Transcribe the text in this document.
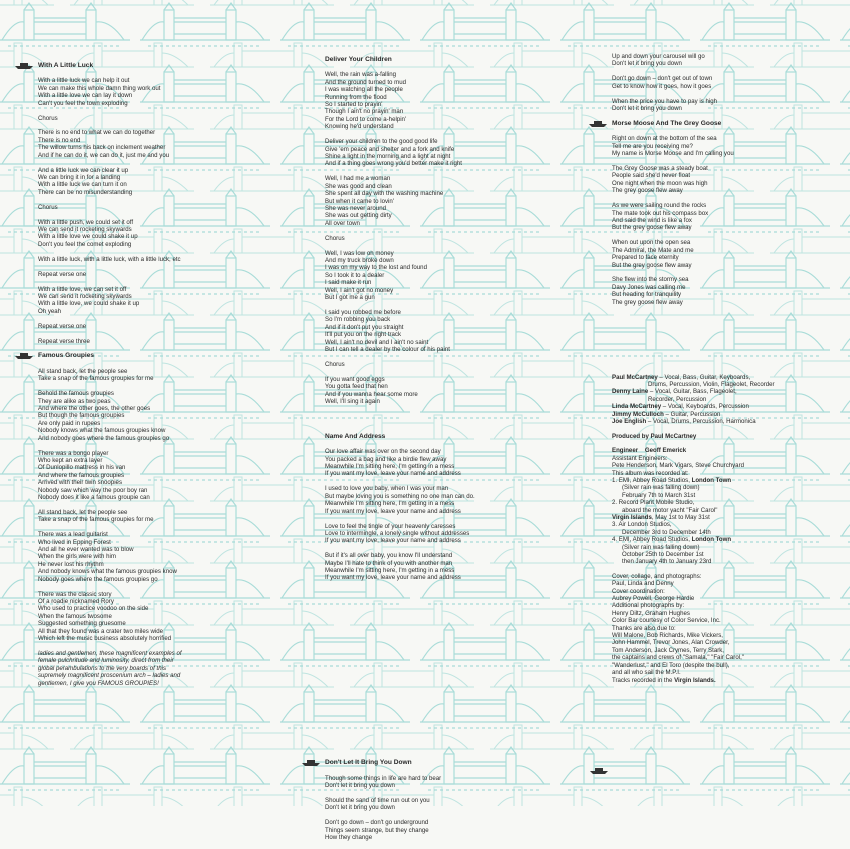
With A Little Luck
With a little luck we can help it out
We can make this whole damn thing work out
With a little love we can lay it down
Can't you feel the town exploding
Chorus
There is no end to what we can do together
There is no end
The willow turns his back on inclement weather
And if he can do it, we can do it, just me and you
And a little luck we can clear it up
We can bring it in for a landing
With a little luck we can turn it on
There can be no misunderstanding
Chorus
With a little push, we could set it off
We can send it rocketing skywards
With a little love we could shake it up
Don't you feel the comet exploding
With a little luck, with a little luck, with a little luck, etc
Repeat verse one
With a little love, we can set it off
We can send it rocketing skywards
With a little love, we could shake it up
Oh yeah
Repeat verse one
Repeat verse three
Famous Groupies
All stand back, let the people see
Take a snap of the famous groupies for me
Behold the famous groupies
They are alike as two peas
And where the other goes, the other goes
But though the famous groupies
Are only paid in rupees
Nobody knows what the famous groupies know
And nobody goes where the famous groupies go
There was a bongo player
Who kept an extra layer
Of Dunlopillo mattress in his van
And where the famous groupies
Arrived with their twin snoopies
Nobody saw which way the poor boy ran
Nobody does it like a famous groupie can
All stand back, let the people see
Take a snap of the famous groupies for me
There was a lead guitarist
Who lived in Epping Forest
And all he ever wanted was to blow
When the girls were with him
He never lost his rhythm
And nobody knows what the famous groupies know
Nobody goes where the famous groupies go
There was the classic story
Of a roadie nicknamed Rory
Who used to practice voodoo on the side
When the famous twosome
Suggested something gruesome
All that they found was a crater two miles wide
Which left the music business absolutely horrified
ladies and gentlemen, these magnificent examples of
female pulchritude and luminosity, direct from their
global perambulations to the very boards of this
supremely magnificent proscenium arch – ladies and
gentlemen, I give you FAMOUS GROUPIES!
Deliver Your Children
Well, the rain was a-falling
And the ground turned to mud
I was watching all the people
Running from the flood
So I started to prayin'
Though I ain't no prayin' man
For the Lord to come a-helpin'
Knowing he'd understand
Deliver your children to the good good life
Give 'em peace and shelter and a fork and knife
Shine a light in the morning and a light at night
And if a thing goes wrong you'd better make it right
Well, I had me a woman
She was good and clean
She spent all day with the washing machine
But when it came to lovin'
She was never around
She was out getting dirty
All over town
Chorus
Well, I was low on money
And my truck broke down
I was on my way to the lost and found
So I took it to a dealer
I said make it run
Well, I ain't got no money
But I got me a gun
I said you robbed me before
So I'm robbing you back
And if it don't put you straight
It'll put you on the right track
Well, I ain't no devil and I ain't no saint
But I can tell a dealer by the colour of his paint
Chorus
If you want good eggs
You gotta feed that hen
And if you wanna hear some more
Well, I'll sing it again
Name And Address
Our love affair was over on the second day
You packed a bag and like a birdie flew away
Meanwhile I'm sitting here, I'm getting in a mess
If you want my love, leave your name and address
I used to love you baby, when I was your man
But maybe loving you is something no one man can do.
Meanwhile I'm sitting here, I'm getting in a mess
If you want my love, leave your name and address
Love to feel the tingle of your heavenly caresses
Love to intermingle, a lonely single without addresses
If you want my love, leave your name and address
But if it's all over baby, you know I'll understand
Maybe I'll hate to think of you with another man
Meanwhile I'm sitting here, I'm getting in a mess
If you want my love, leave your name and address
Don't Let It Bring You Down
Though some things in life are hard to bear
Don't let it bring you down
Should the sand of time run out on you
Don't let it bring you down
Don't go down – don't go underground
Things seem strange, but they change
How they change
Up and down your carousel will go
Don't let it bring you down
Don't go down – don't get out of town
Get to know how it goes, how it goes
When the price you have to pay is high
Don't let it bring you down
Morse Moose And The Grey Goose
Right on down at the bottom of the sea
Tell me are you receiving me?
My name is Morse Moose and I'm calling you
The Grey Goose was a steady boat
People said she'd never float
One night when the moon was high
The grey goose flew away
As we were sailing round the rocks
The mate took out his compass box
And said the wind is like a fox
But the grey goose flew away
When out upon the open sea
The Admiral, the Mate and me
Prepared to face eternity
But the grey goose flew away
She flew into the stormy sea
Davy Jones was calling me
But heading for tranquility
The grey goose flew away
Paul McCartney – Vocal, Bass, Guitar, Keyboards,
Drums, Percussion, Violin, Flageolet, Recorder
Denny Laine – Vocal, Guitar, Bass, Flageolet,
Recorder, Percussion
Linda McCartney – Vocal, Keyboards, Percussion
Jimmy McCulloch – Guitar, Percussion
Joe English – Vocal, Drums, Percussion, Harmonica
Produced by Paul McCartney
Engineer Geoff Emerick
Assistant Engineers:
Pete Henderson, Mark Vigars, Steve Churchyard
This album was recorded at:
1. EMI, Abbey Road Studios, London Town
(Silver rain was falling down)
February 7th to March 31st
2. Record Plant Mobile Studio,
aboard the motor yacht "Fair Carol"
Virgin Islands, May 1st to May 31st
3. Air London Studios,
December 3rd to December 14th
4. EMI, Abbey Road Studios, London Town
(Silver rain was falling down)
October 25th to December 1st
then January 4th to January 23rd
Cover, collage, and photographs:
Paul, Linda and Denny
Cover coordination:
Aubrey Powell, George Hardie
Additional photographs by:
Henry Diltz, Graham Hughes
Color Bar courtesy of Color Service, Inc.
Thanks are also due to:
Will Malone, Bob Richards, Mike Vickers,
John Hammel, Trevor Jones, Alan Crowder,
Tom Anderson, Jack Crymes, Terry Stark,
the captains and crews of "Samala," "Fair Carol,"
"Wanderlust," and El Toro (despite the bull),
and all who sail the M.P.I.
Tracks recorded in the Virgin Islands.
